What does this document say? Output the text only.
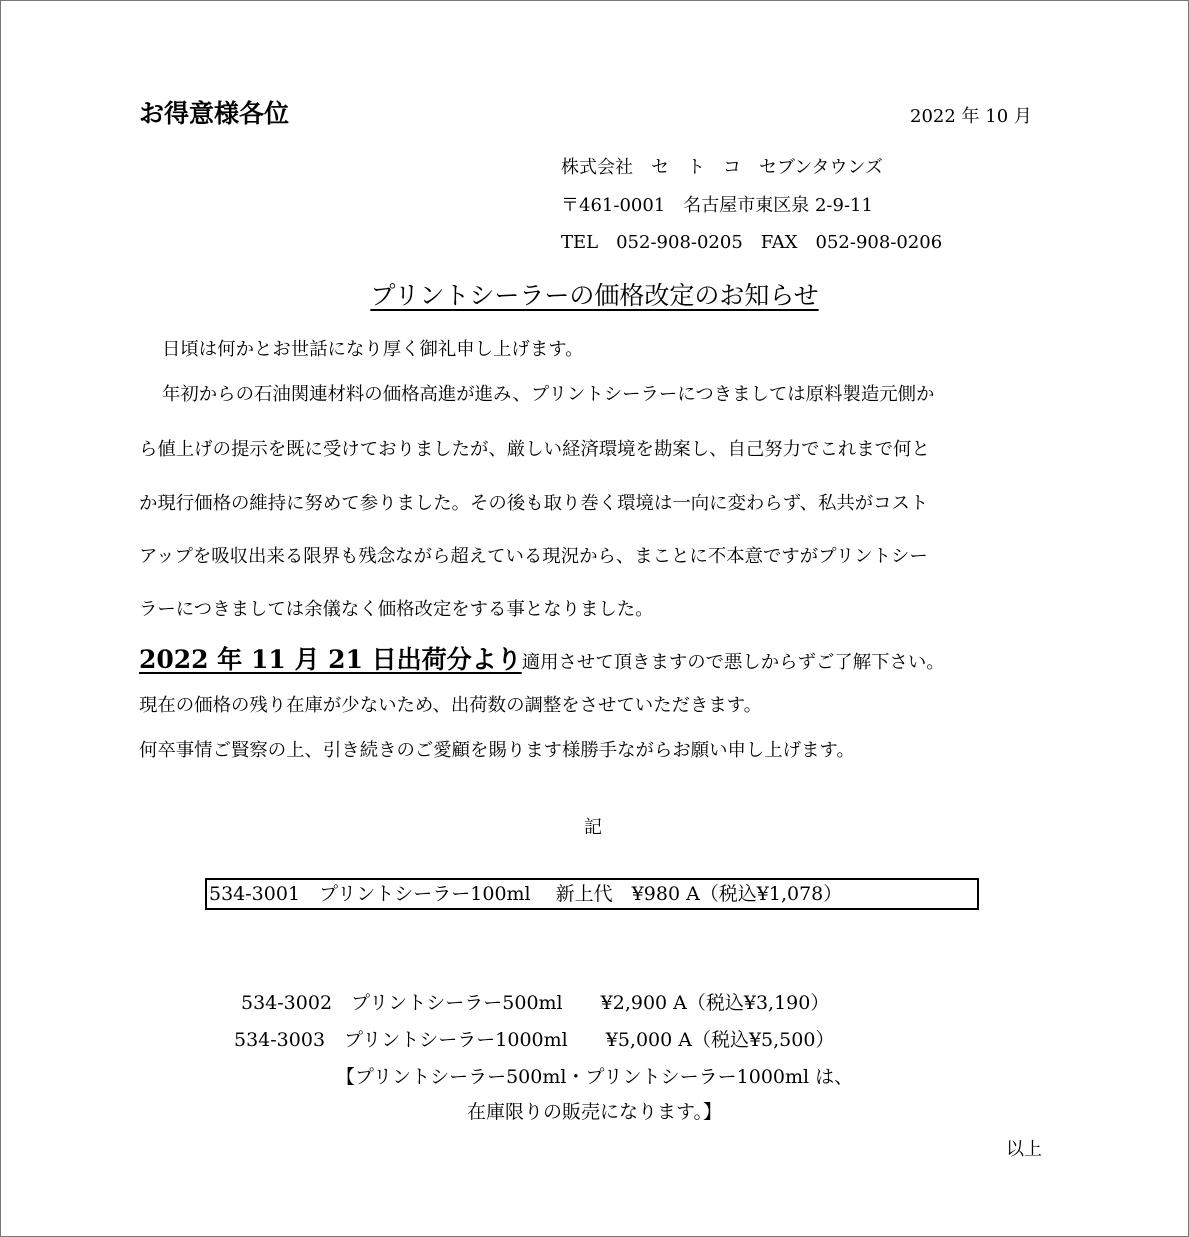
お得意様各位	2022 年 10 月
株式会社　セ　ト　コ　セブンタウンズ
〒461-0001　名古屋市東区泉 2-9-11
TEL　052-908-0205　FAX　052-908-0206
プリントシーラーの価格改定のお知らせ
日頃は何かとお世話になり厚く御礼申し上げます。
年初からの石油関連材料の価格高進が進み、プリントシーラーにつきましては原料製造元側か
ら値上げの提示を既に受けておりましたが、厳しい経済環境を勘案し、自己努力でこれまで何と
か現行価格の維持に努めて参りました。その後も取り巻く環境は一向に変わらず、私共がコスト
アップを吸収出来る限界も残念ながら超えている現況から、まことに不本意ですがプリントシー
ラーにつきましては余儀なく価格改定をする事となりました。
2022 年 11 月 21 日出荷分より適用させて頂きますので悪しからずご了解下さい。
現在の価格の残り在庫が少ないため、出荷数の調整をさせていただきます。
何卒事情ご賢察の上、引き続きのご愛顧を賜ります様勝手ながらお願い申し上げます。
記
534-3001　プリントシーラー100ml　 新上代　¥980 A（税込¥1,078）
534-3002　プリントシーラー500ml　　¥2,900 A（税込¥3,190）
534-3003　プリントシーラー1000ml　　¥5,000 A（税込¥5,500）
【プリントシーラー500ml・プリントシーラー1000ml は、
在庫限りの販売になります。】
以上
